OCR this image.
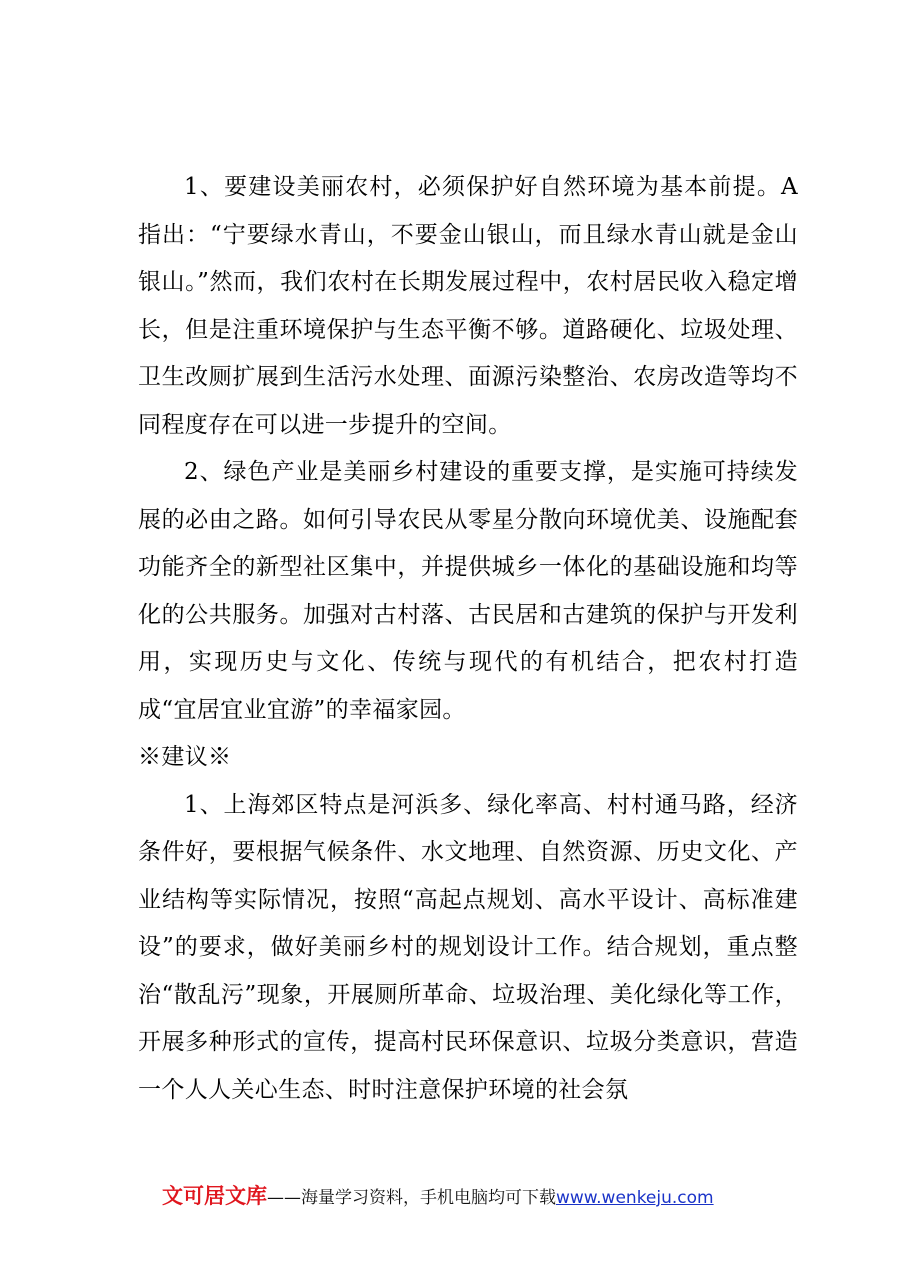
1、要建设美丽农村，必须保护好自然环境为基本前提。A指出：“宁要绿水青山，不要金山银山，而且绿水青山就是金山银山。”然而，我们农村在长期发展过程中，农村居民收入稳定增长，但是注重环境保护与生态平衡不够。道路硬化、垃圾处理、卫生改厕扩展到生活污水处理、面源污染整治、农房改造等均不同程度存在可以进一步提升的空间。

2、绿色产业是美丽乡村建设的重要支撑，是实施可持续发展的必由之路。如何引导农民从零星分散向环境优美、设施配套功能齐全的新型社区集中，并提供城乡一体化的基础设施和均等化的公共服务。加强对古村落、古民居和古建筑的保护与开发利用，实现历史与文化、传统与现代的有机结合，把农村打造成“宜居宜业宜游”的幸福家园。

※建议※

1、上海郊区特点是河浜多、绿化率高、村村通马路，经济条件好，要根据气候条件、水文地理、自然资源、历史文化、产业结构等实际情况，按照“高起点规划、高水平设计、高标准建设”的要求，做好美丽乡村的规划设计工作。结合规划，重点整治“散乱污”现象，开展厕所革命、垃圾治理、美化绿化等工作，开展多种形式的宣传，提高村民环保意识、垃圾分类意识，营造一个人人关心生态、时时注意保护环境的社会氛

文可居文库——海量学习资料，手机电脑均可下载www.wenkeju.com
